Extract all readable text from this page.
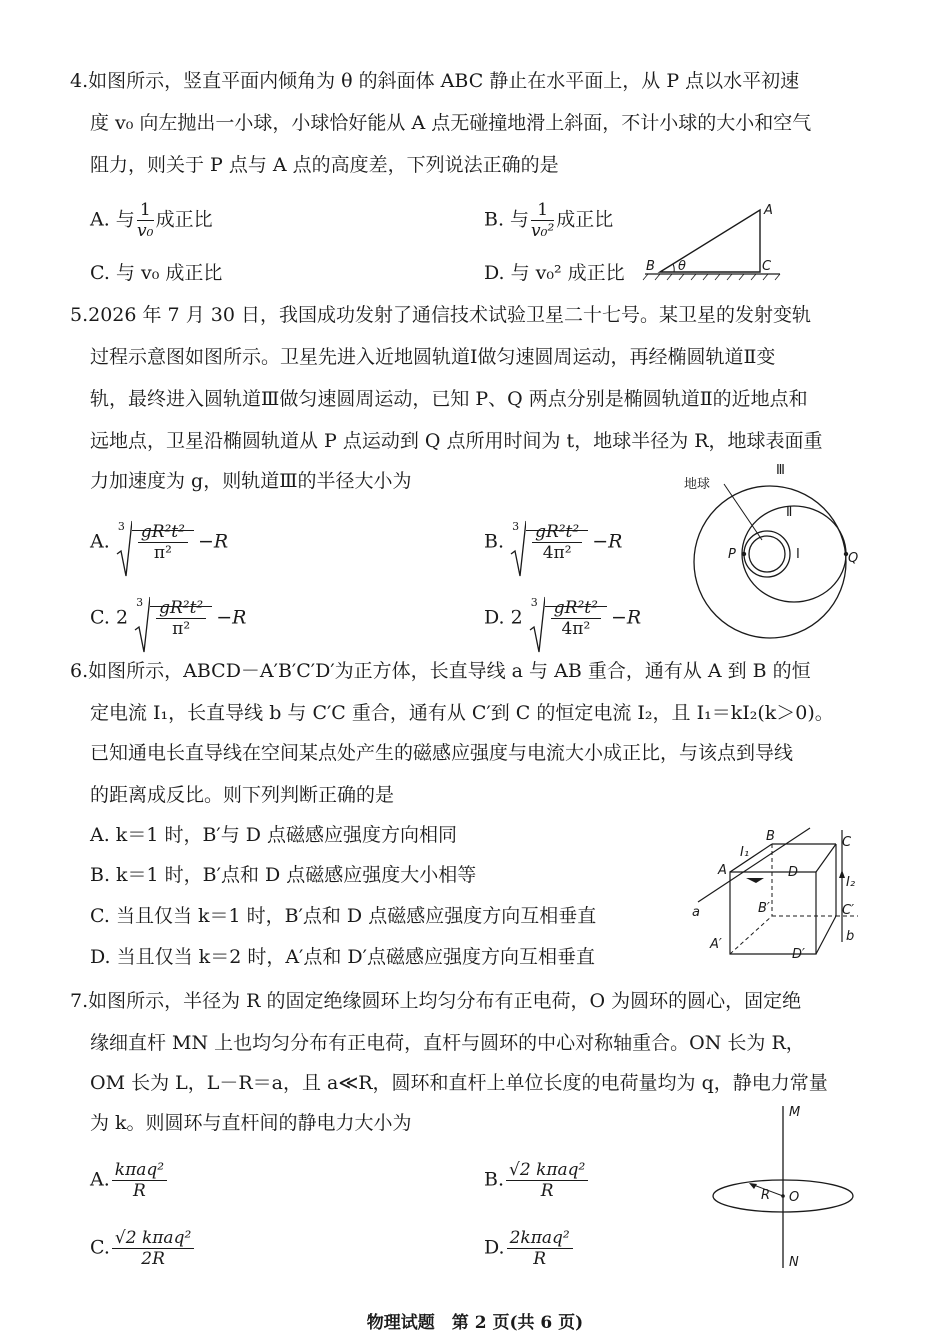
4.如图所示，竖直平面内倾角为 θ 的斜面体 ABC 静止在水平面上，从 P 点以水平初速
度 v₀ 向左抛出一小球，小球恰好能从 A 点无碰撞地滑上斜面，不计小球的大小和空气
阻力，则关于 P 点与 A 点的高度差，下列说法正确的是
A. 与 $\frac{1}{\text{v₀}}$ 成正比	B. 与 $\frac{1}{\text{v₀²}}$ 成正比
C. 与 v₀ 成正比	D. 与 v₀² 成正比
A
B	C
θ
5.2026 年 7 月 30 日，我国成功发射了通信技术试验卫星二十七号。某卫星的发射变轨
过程示意图如图所示。卫星先进入近地圆轨道Ⅰ做匀速圆周运动，再经椭圆轨道Ⅱ变
轨，最终进入圆轨道Ⅲ做匀速圆周运动，已知 P、Q 两点分别是椭圆轨道Ⅱ的近地点和
远地点，卫星沿椭圆轨道从 P 点运动到 Q 点所用时间为 t，地球半径为 R，地球表面重
力加速度为 g，则轨道Ⅲ的半径大小为
A.
$3 \frac{\text{gR²t²}}{\text{π²}} -R$	B.
$3 \frac{\text{gR²t²}}{\text{4π²}} -R$
C. 2
$3 \frac{\text{gR²t²}}{\text{π²}} -R$	D. 2
$3 \frac{\text{gR²t²}}{\text{4π²}} -R$
地球
Ⅲ
Ⅱ
Ⅰ
P	Q
6.如图所示，ABCD－A′B′C′D′为正方体，长直导线 a 与 AB 重合，通有从 A 到 B 的恒
定电流 I₁，长直导线 b 与 C′C 重合，通有从 C′到 C 的恒定电流 I₂，且 I₁＝kI₂(k＞0)。
已知通电长直导线在空间某点处产生的磁感应强度与电流大小成正比，与该点到导线
的距离成反比。则下列判断正确的是
A. k＝1 时，B′与 D 点磁感应强度方向相同
B. k＝1 时，B′点和 D 点磁感应强度大小相等
C. 当且仅当 k＝1 时，B′点和 D 点磁感应强度方向互相垂直
D. 当且仅当 k＝2 时，A′点和 D′点磁感应强度方向互相垂直
a
I₁
A
B	C
D
B′	C′
I₂
A′
D′
b
7.如图所示，半径为 R 的固定绝缘圆环上均匀分布有正电荷，O 为圆环的圆心，固定绝
缘细直杆 MN 上也均匀分布有正电荷，直杆与圆环的中心对称轴重合。ON 长为 R，
OM 长为 L，L－R＝a，且 a≪R，圆环和直杆上单位长度的电荷量均为 q，静电力常量
为 k。则圆环与直杆间的静电力大小为
A. $\frac{\text{kπaq²}}{R}$	B. $\frac{\text{√2 kπaq²}}{R}$
C. $\frac{\text{√2 kπaq²}}{2R}$	D. $\frac{\text{2kπaq²}}{R}$
M
N
O
R
物理试题　第 2 页(共 6 页)
